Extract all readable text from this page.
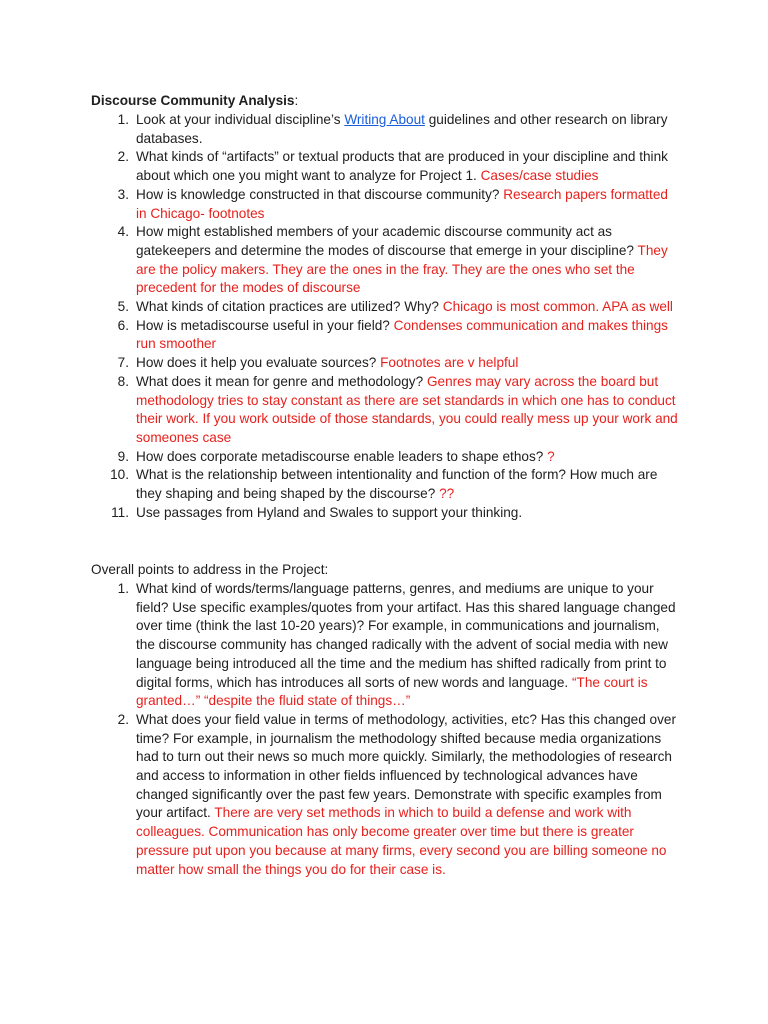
Discourse Community Analysis:
1. Look at your individual discipline’s Writing About guidelines and other research on library databases.
2. What kinds of “artifacts” or textual products that are produced in your discipline and think about which one you might want to analyze for Project 1. Cases/case studies
3. How is knowledge constructed in that discourse community? Research papers formatted in Chicago- footnotes
4. How might established members of your academic discourse community act as gatekeepers and determine the modes of discourse that emerge in your discipline? They are the policy makers. They are the ones in the fray. They are the ones who set the precedent for the modes of discourse
5. What kinds of citation practices are utilized? Why? Chicago is most common. APA as well
6. How is metadiscourse useful in your field? Condenses communication and makes things run smoother
7. How does it help you evaluate sources? Footnotes are v helpful
8. What does it mean for genre and methodology? Genres may vary across the board but methodology tries to stay constant as there are set standards in which one has to conduct their work. If you work outside of those standards, you could really mess up your work and someones case
9. How does corporate metadiscourse enable leaders to shape ethos? ?
10. What is the relationship between intentionality and function of the form? How much are they shaping and being shaped by the discourse? ??
11. Use passages from Hyland and Swales to support your thinking.
Overall points to address in the Project:
1. What kind of words/terms/language patterns, genres, and mediums are unique to your field? Use specific examples/quotes from your artifact. Has this shared language changed over time (think the last 10-20 years)? For example, in communications and journalism, the discourse community has changed radically with the advent of social media with new language being introduced all the time and the medium has shifted radically from print to digital forms, which has introduces all sorts of new words and language. “The court is granted…” “despite the fluid state of things…”
2. What does your field value in terms of methodology, activities, etc? Has this changed over time? For example, in journalism the methodology shifted because media organizations had to turn out their news so much more quickly. Similarly, the methodologies of research and access to information in other fields influenced by technological advances have changed significantly over the past few years. Demonstrate with specific examples from your artifact. There are very set methods in which to build a defense and work with colleagues. Communication has only become greater over time but there is greater pressure put upon you because at many firms, every second you are billing someone no matter how small the things you do for their case is.
